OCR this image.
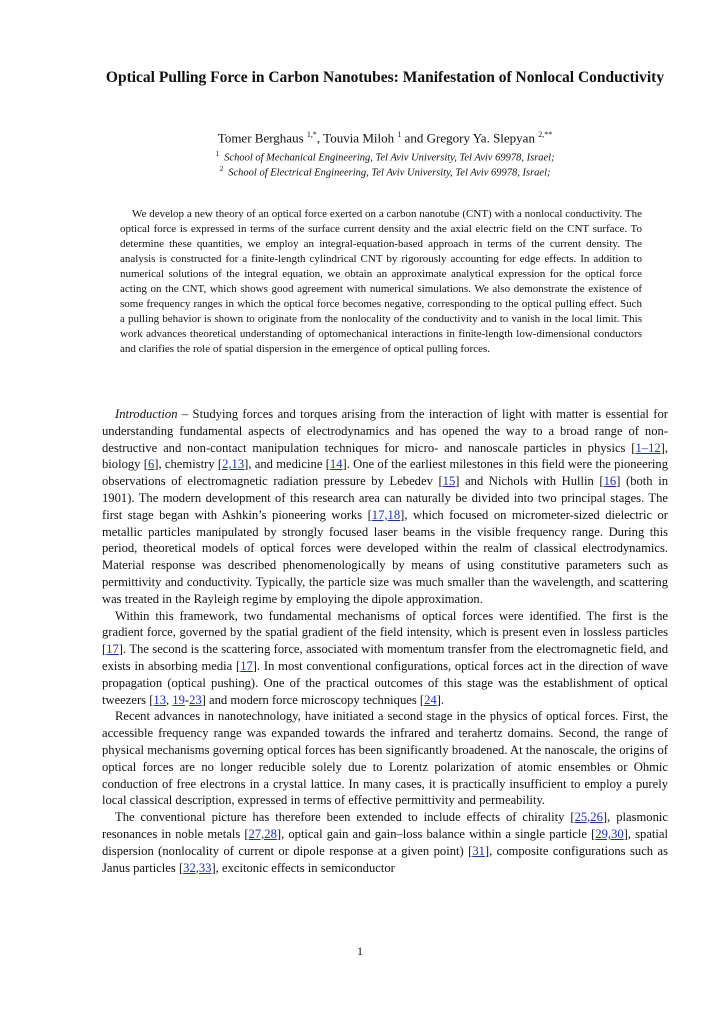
Optical Pulling Force in Carbon Nanotubes: Manifestation of Nonlocal Conductivity
Tomer Berghaus $^{1,*}$, Touvia Miloh $^1$ and Gregory Ya. Slepyan $^{2,**}$
$^1$ School of Mechanical Engineering, Tel Aviv University, Tel Aviv 69978, Israel;
$^2$ School of Electrical Engineering, Tel Aviv University, Tel Aviv 69978, Israel;

We develop a new theory of an optical force exerted on a carbon nanotube (CNT) with a nonlocal conductivity. The optical force is expressed in terms of the surface current density and the axial electric field on the CNT surface. To determine these quantities, we employ an integral-equation-based approach in terms of the current density. The analysis is constructed for a finite-length cylindrical CNT by rigorously accounting for edge effects. In addition to numerical solutions of the integral equation, we obtain an approximate analytical expression for the optical force acting on the CNT, which shows good agreement with numerical simulations. We also demonstrate the existence of some frequency ranges in which the optical force becomes negative, corresponding to the optical pulling effect. Such a pulling behavior is shown to originate from the nonlocality of the conductivity and to vanish in the local limit. This work advances theoretical understanding of optomechanical interactions in finite-length low-dimensional conductors and clarifies the role of spatial dispersion in the emergence of optical pulling forces.

Introduction – Studying forces and torques arising from the interaction of light with matter is essential for understanding fundamental aspects of electrodynamics and has opened the way to a broad range of non-destructive and non-contact manipulation techniques for micro- and nanoscale particles in physics [1–12], biology [6], chemistry [2,13], and medicine [14]. One of the earliest milestones in this field were the pioneering observations of electromagnetic radiation pressure by Lebedev [15] and Nichols with Hullin [16] (both in 1901). The modern development of this research area can naturally be divided into two principal stages. The first stage began with Ashkin’s pioneering works [17,18], which focused on micrometer-sized dielectric or metallic particles manipulated by strongly focused laser beams in the visible frequency range. During this period, theoretical models of optical forces were developed within the realm of classical electrodynamics. Material response was described phenomenologically by means of using constitutive parameters such as permittivity and conductivity. Typically, the particle size was much smaller than the wavelength, and scattering was treated in the Rayleigh regime by employing the dipole approximation.

Within this framework, two fundamental mechanisms of optical forces were identified. The first is the gradient force, governed by the spatial gradient of the field intensity, which is present even in lossless particles [17]. The second is the scattering force, associated with momentum transfer from the electromagnetic field, and exists in absorbing media [17]. In most conventional configurations, optical forces act in the direction of wave propagation (optical pushing). One of the practical outcomes of this stage was the establishment of optical tweezers [13, 19-23] and modern force microscopy techniques [24].

Recent advances in nanotechnology, have initiated a second stage in the physics of optical forces. First, the accessible frequency range was expanded towards the infrared and terahertz domains. Second, the range of physical mechanisms governing optical forces has been significantly broadened. At the nanoscale, the origins of optical forces are no longer reducible solely due to Lorentz polarization of atomic ensembles or Ohmic conduction of free electrons in a crystal lattice. In many cases, it is practically insufficient to employ a purely local classical description, expressed in terms of effective permittivity and permeability.

The conventional picture has therefore been extended to include effects of chirality [25,26], plasmonic resonances in noble metals [27,28], optical gain and gain–loss balance within a single particle [29,30], spatial dispersion (nonlocality of current or dipole response at a given point) [31], composite configurations such as Janus particles [32,33], excitonic effects in semiconductor

1
